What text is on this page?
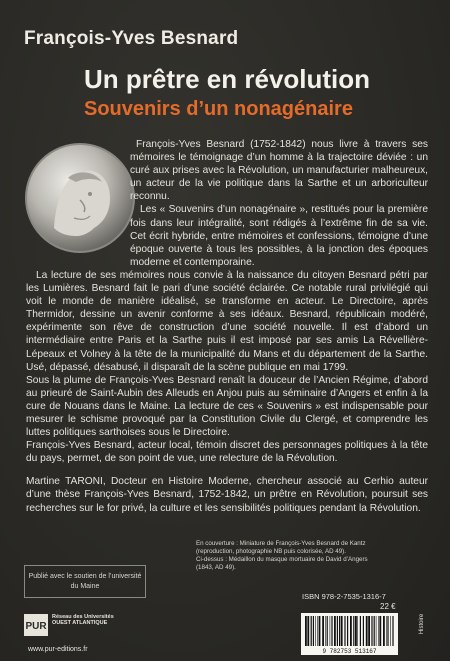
François-Yves Besnard
Un prêtre en révolution
Souvenirs d’un nonagénaire

François-Yves Besnard (1752-1842) nous livre à travers ses mémoires le témoignage d’un homme à la trajectoire déviée : un curé aux prises avec la Révolution, un manufacturier malheureux, un acteur de la vie politique dans la Sarthe et un arboriculteur reconnu.

Les « Souvenirs d’un nonagénaire », restitués pour la première fois dans leur intégralité, sont rédigés à l’extrême fin de sa vie. Cet écrit hybride, entre mémoires et confessions, témoigne d’une époque ouverte à tous les possibles, à la jonction des époques moderne et contemporaine.

La lecture de ses mémoires nous convie à la naissance du citoyen Besnard pétri par les Lumières. Besnard fait le pari d’une société éclairée. Ce notable rural privilégié qui voit le monde de manière idéalisé, se transforme en acteur. Le Directoire, après Thermidor, dessine un avenir conforme à ses idéaux. Besnard, républicain modéré, expérimente son rêve de construction d’une société nouvelle. Il est d’abord un intermédiaire entre Paris et la Sarthe puis il est imposé par ses amis La Révellière-Lépeaux et Volney à la tête de la municipalité du Mans et du département de la Sarthe. Usé, dépassé, désabusé, il disparaît de la scène publique en mai 1799.

Sous la plume de François-Yves Besnard renaît la douceur de l’Ancien Régime, d’abord au prieuré de Saint-Aubin des Alleuds en Anjou puis au séminaire d’Angers et enfin à la cure de Nouans dans le Maine. La lecture de ces « Souvenirs » est indispensable pour mesurer le schisme provoqué par la Constitution Civile du Clergé, et comprendre les luttes politiques sarthoises sous le Directoire.

François-Yves Besnard, acteur local, témoin discret des personnages politiques à la tête du pays, permet, de son point de vue, une relecture de la Révolution.

Martine TARONI, Docteur en Histoire Moderne, chercheur associé au Cerhio auteur d’une thèse François-Yves Besnard, 1752-1842, un prêtre en Révolution, poursuit ses recherches sur le for privé, la culture et les sensibilités politiques pendant la Révolution.

En couverture : Miniature de François-Yves Besnard de Kantz
(reproduction, photographie NB puis colorisée, AD 49).
Ci-dessus : Médaillon du masque mortuaire de David d’Angers
(1843, AD 49).
Publié avec le soutien de l’université du Maine
PUR
Réseau des Universités
OUEST ATLANTIQUE
www.pur-editions.fr
ISBN 978-2-7535-1316-7
22 €
9 782753 513167
Histoire
